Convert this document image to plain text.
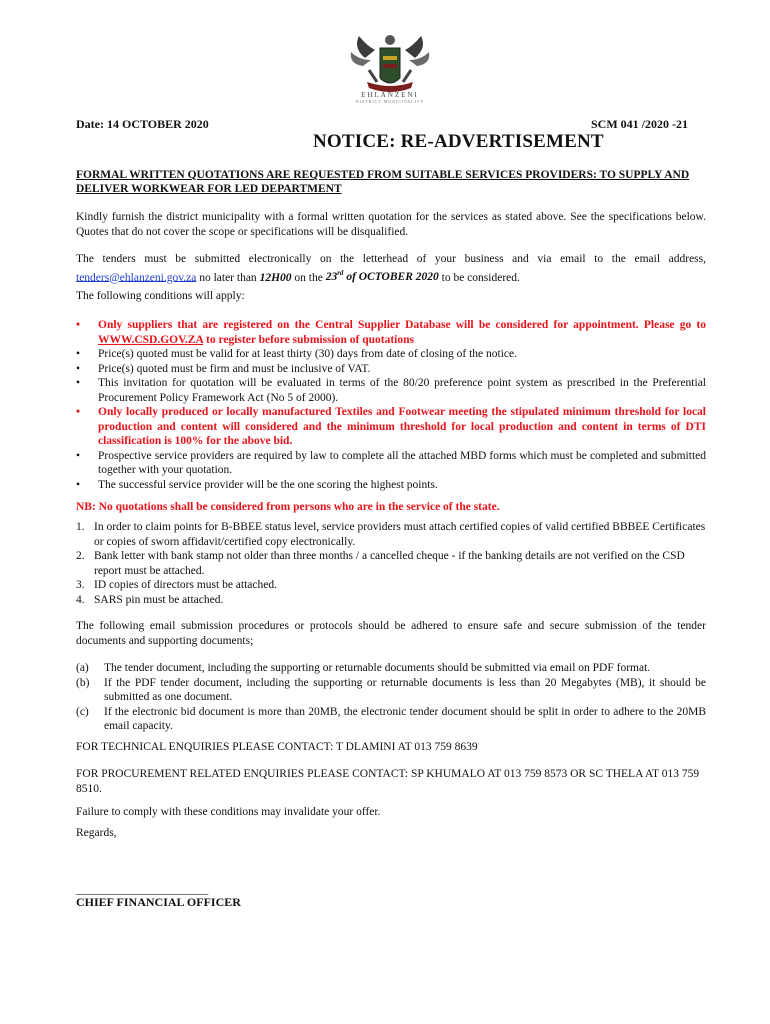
EHLANZENI
DISTRICT MUNICIPALITY
Date: 14 OCTOBER 2020	SCM 041 /2020 -21
NOTICE: RE-ADVERTISEMENT
FORMAL WRITTEN QUOTATIONS ARE REQUESTED FROM SUITABLE SERVICES PROVIDERS: TO SUPPLY AND DELIVER WORKWEAR FOR LED DEPARTMENT
Kindly furnish the district municipality with a formal written quotation for the services as stated above. See the specifications below. Quotes that do not cover the scope or specifications will be disqualified.
The tenders must be submitted electronically on the letterhead of your business and via email to the email address, tenders@ehlanzeni.gov.za no later than 12H00 on the 23rd of OCTOBER 2020 to be considered.
The following conditions will apply:
• Only suppliers that are registered on the Central Supplier Database will be considered for appointment. Please go to WWW.CSD.GOV.ZA to register before submission of quotations
• Price(s) quoted must be valid for at least thirty (30) days from date of closing of the notice.
• Price(s) quoted must be firm and must be inclusive of VAT.
• This invitation for quotation will be evaluated in terms of the 80/20 preference point system as prescribed in the Preferential Procurement Policy Framework Act (No 5 of 2000).
• Only locally produced or locally manufactured Textiles and Footwear meeting the stipulated minimum threshold for local production and content will considered and the minimum threshold for local production and content in terms of DTI classification is 100% for the above bid.
• Prospective service providers are required by law to complete all the attached MBD forms which must be completed and submitted together with your quotation.
• The successful service provider will be the one scoring the highest points.
NB: No quotations shall be considered from persons who are in the service of the state.
1. In order to claim points for B-BBEE status level, service providers must attach certified copies of valid certified BBBEE Certificates or copies of sworn affidavit/certified copy electronically.
2. Bank letter with bank stamp not older than three months / a cancelled cheque - if the banking details are not verified on the CSD report must be attached.
3. ID copies of directors must be attached.
4. SARS pin must be attached.
The following email submission procedures or protocols should be adhered to ensure safe and secure submission of the tender documents and supporting documents;
(a) The tender document, including the supporting or returnable documents should be submitted via email on PDF format.
(b) If the PDF tender document, including the supporting or returnable documents is less than 20 Megabytes (MB), it should be submitted as one document.
(c) If the electronic bid document is more than 20MB, the electronic tender document should be split in order to adhere to the 20MB email capacity.
FOR TECHNICAL ENQUIRIES PLEASE CONTACT: T DLAMINI AT 013 759 8639
FOR PROCUREMENT RELATED ENQUIRIES PLEASE CONTACT: SP KHUMALO AT 013 759 8573 OR SC THELA AT 013 759 8510.
Failure to comply with these conditions may invalidate your offer.
Regards,
_______________________
CHIEF FINANCIAL OFFICER
